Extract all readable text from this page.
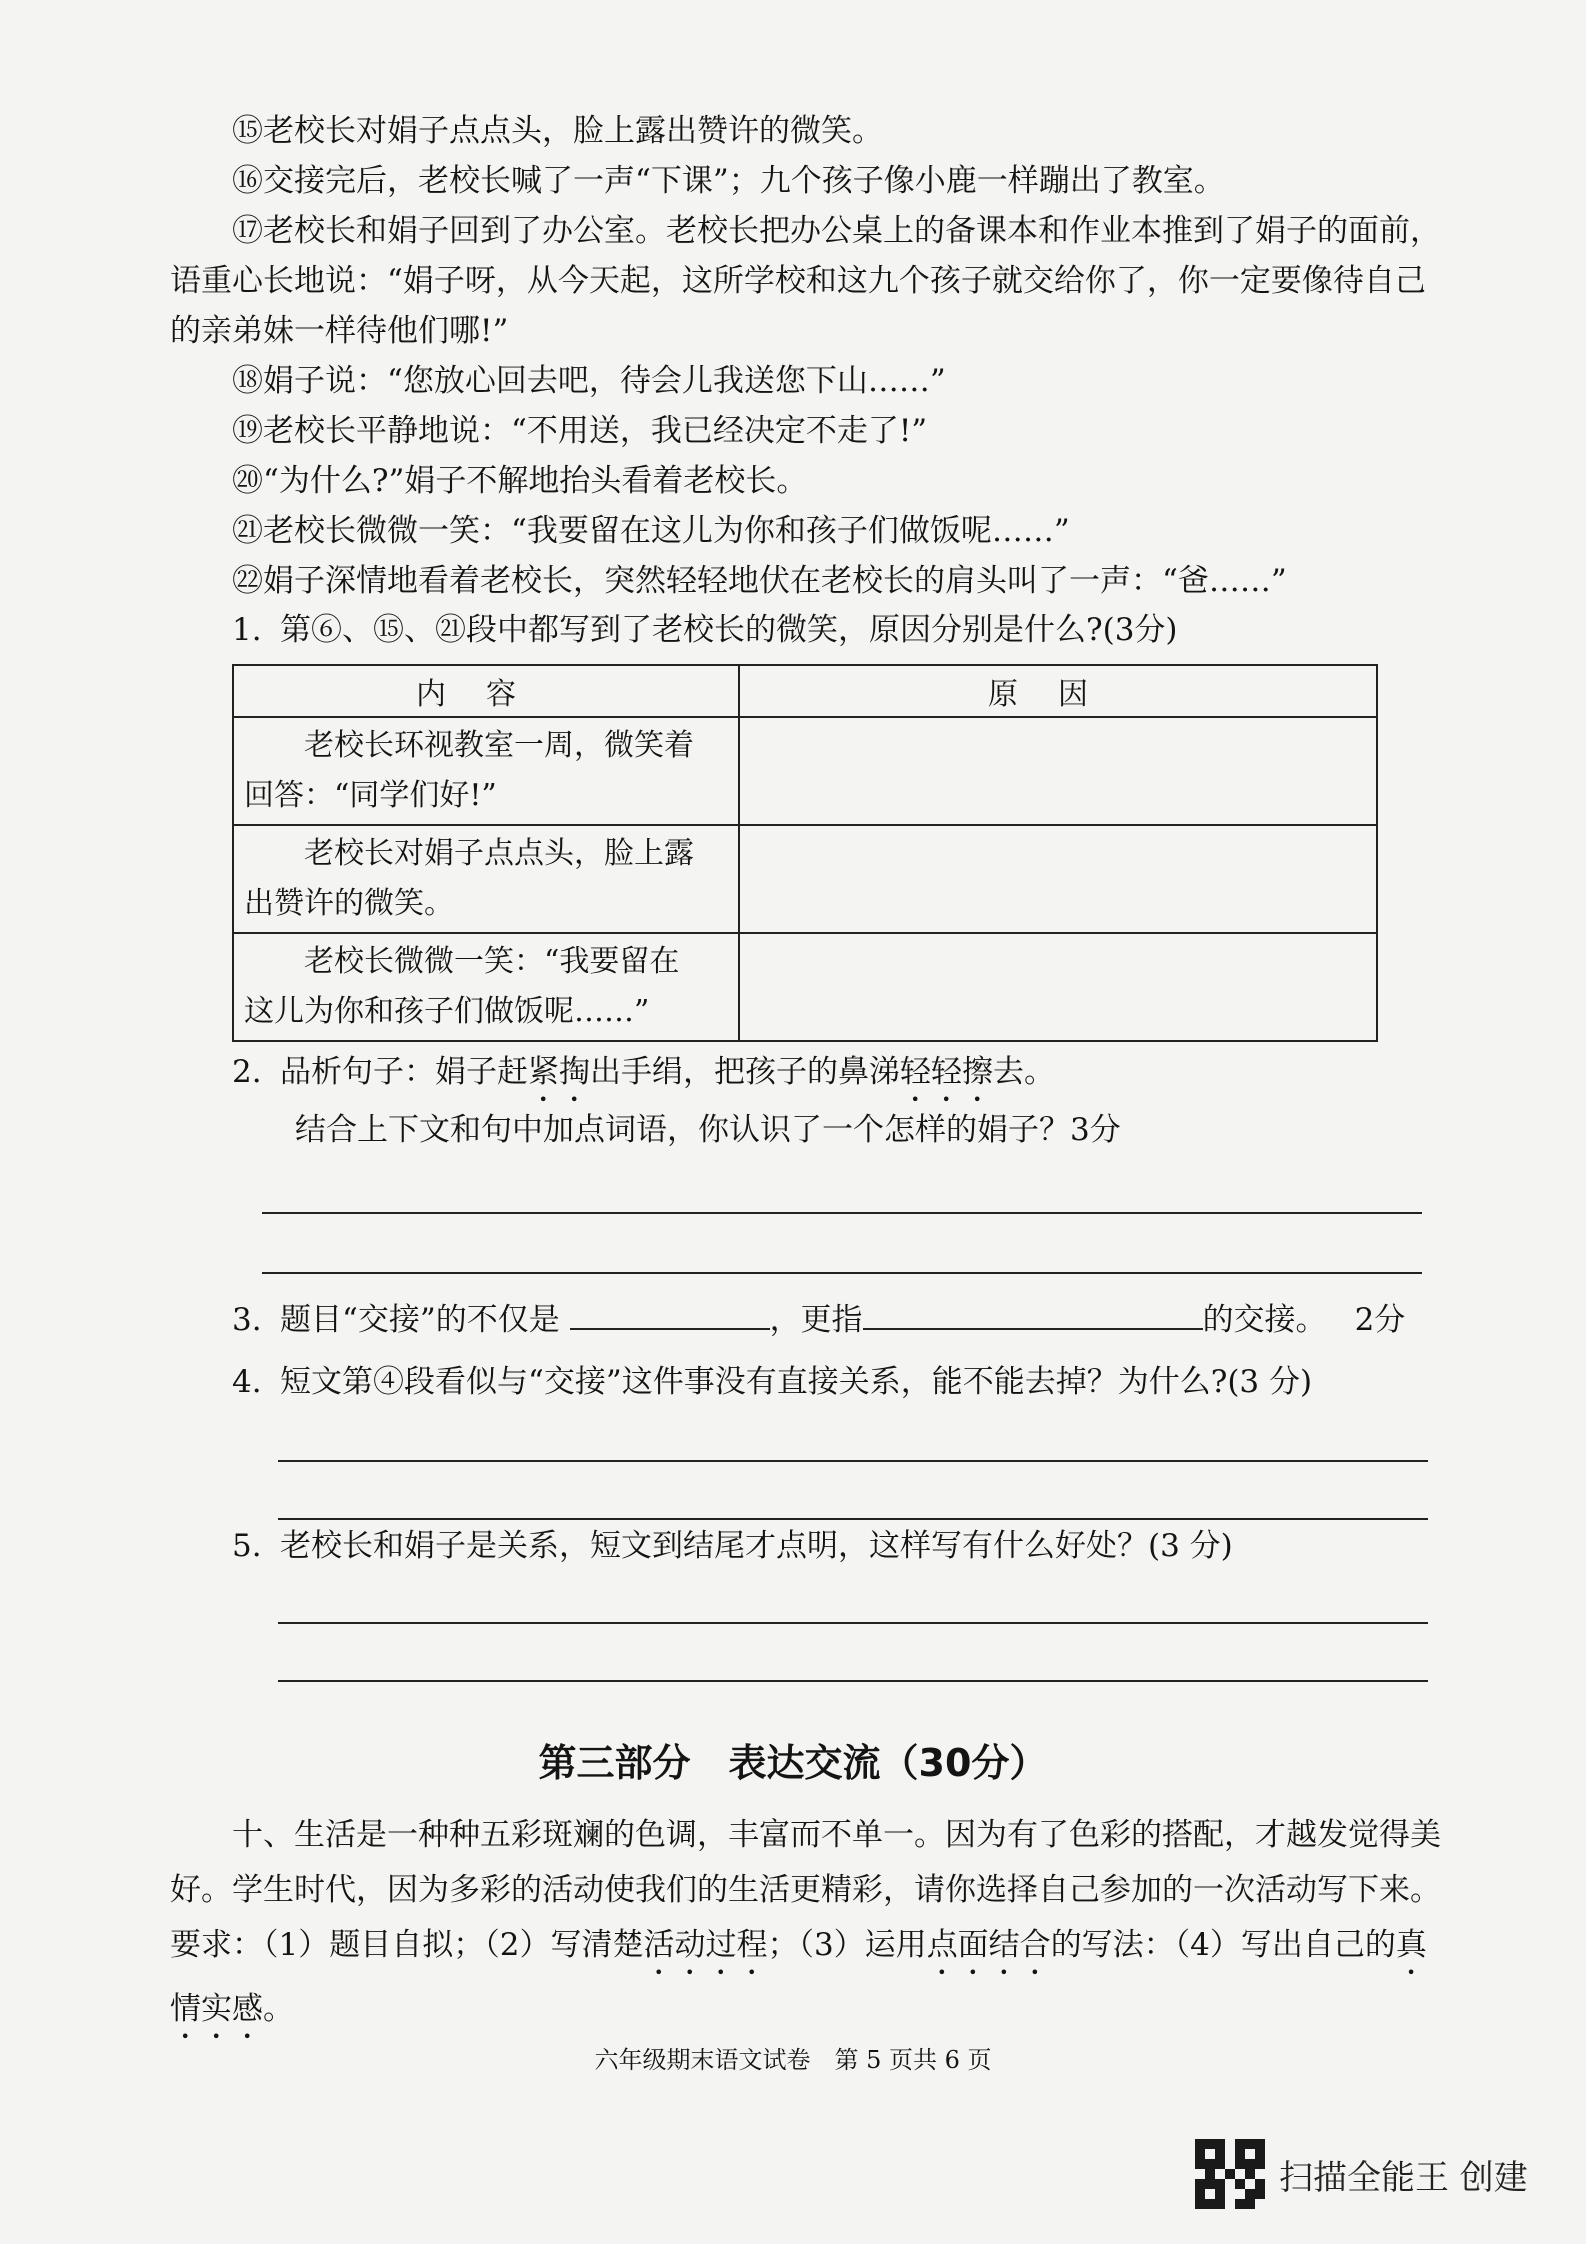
⑮老校长对娟子点点头，脸上露出赞许的微笑。

⑯交接完后，老校长喊了一声“下课”；九个孩子像小鹿一样蹦出了教室。

⑰老校长和娟子回到了办公室。老校长把办公桌上的备课本和作业本推到了娟子的面前，语重心长地说：“娟子呀，从今天起，这所学校和这九个孩子就交给你了，你一定要像待自己的亲弟妹一样待他们哪!”

⑱娟子说：“您放心回去吧，待会儿我送您下山……”

⑲老校长平静地说：“不用送，我已经决定不走了!”

⑳“为什么?”娟子不解地抬头看着老校长。

㉑老校长微微一笑：“我要留在这儿为你和孩子们做饭呢……”

㉒娟子深情地看着老校长，突然轻轻地伏在老校长的肩头叫了一声：“爸……”

1. 第⑥、⑮、㉑段中都写到了老校长的微笑，原因分别是什么?(3分)
内容	原因

老校长环视教室一周，微笑着
回答：“同学们好!”	

老校长对娟子点点头，脸上露
出赞许的微笑。	

老校长微微一笑：“我要留在
这儿为你和孩子们做饭呢……”	

2. 品析句子：娟子赶紧掏出手绢，把孩子的鼻涕轻轻擦去。
结合上下文和句中加点词语，你认识了一个怎样的娟子？3分
3. 题目“交接”的不仅是	，更指	的交接。 2分
4. 短文第④段看似与“交接”这件事没有直接关系，能不能去掉？为什么?(3 分)
5. 老校长和娟子是关系，短文到结尾才点明，这样写有什么好处？(3 分)
第三部分　表达交流（30分）

十、生活是一种种五彩斑斓的色调，丰富而不单一。因为有了色彩的搭配，才越发觉得美好。学生时代，因为多彩的活动使我们的生活更精彩，请你选择自己参加的一次活动写下来。要求：（1）题目自拟；（2）写清楚活动过程；（3）运用点面结合的写法：（4）写出自己的真情实感。

六年级期末语文试卷　第 5 页共 6 页
扫描全能王 创建
